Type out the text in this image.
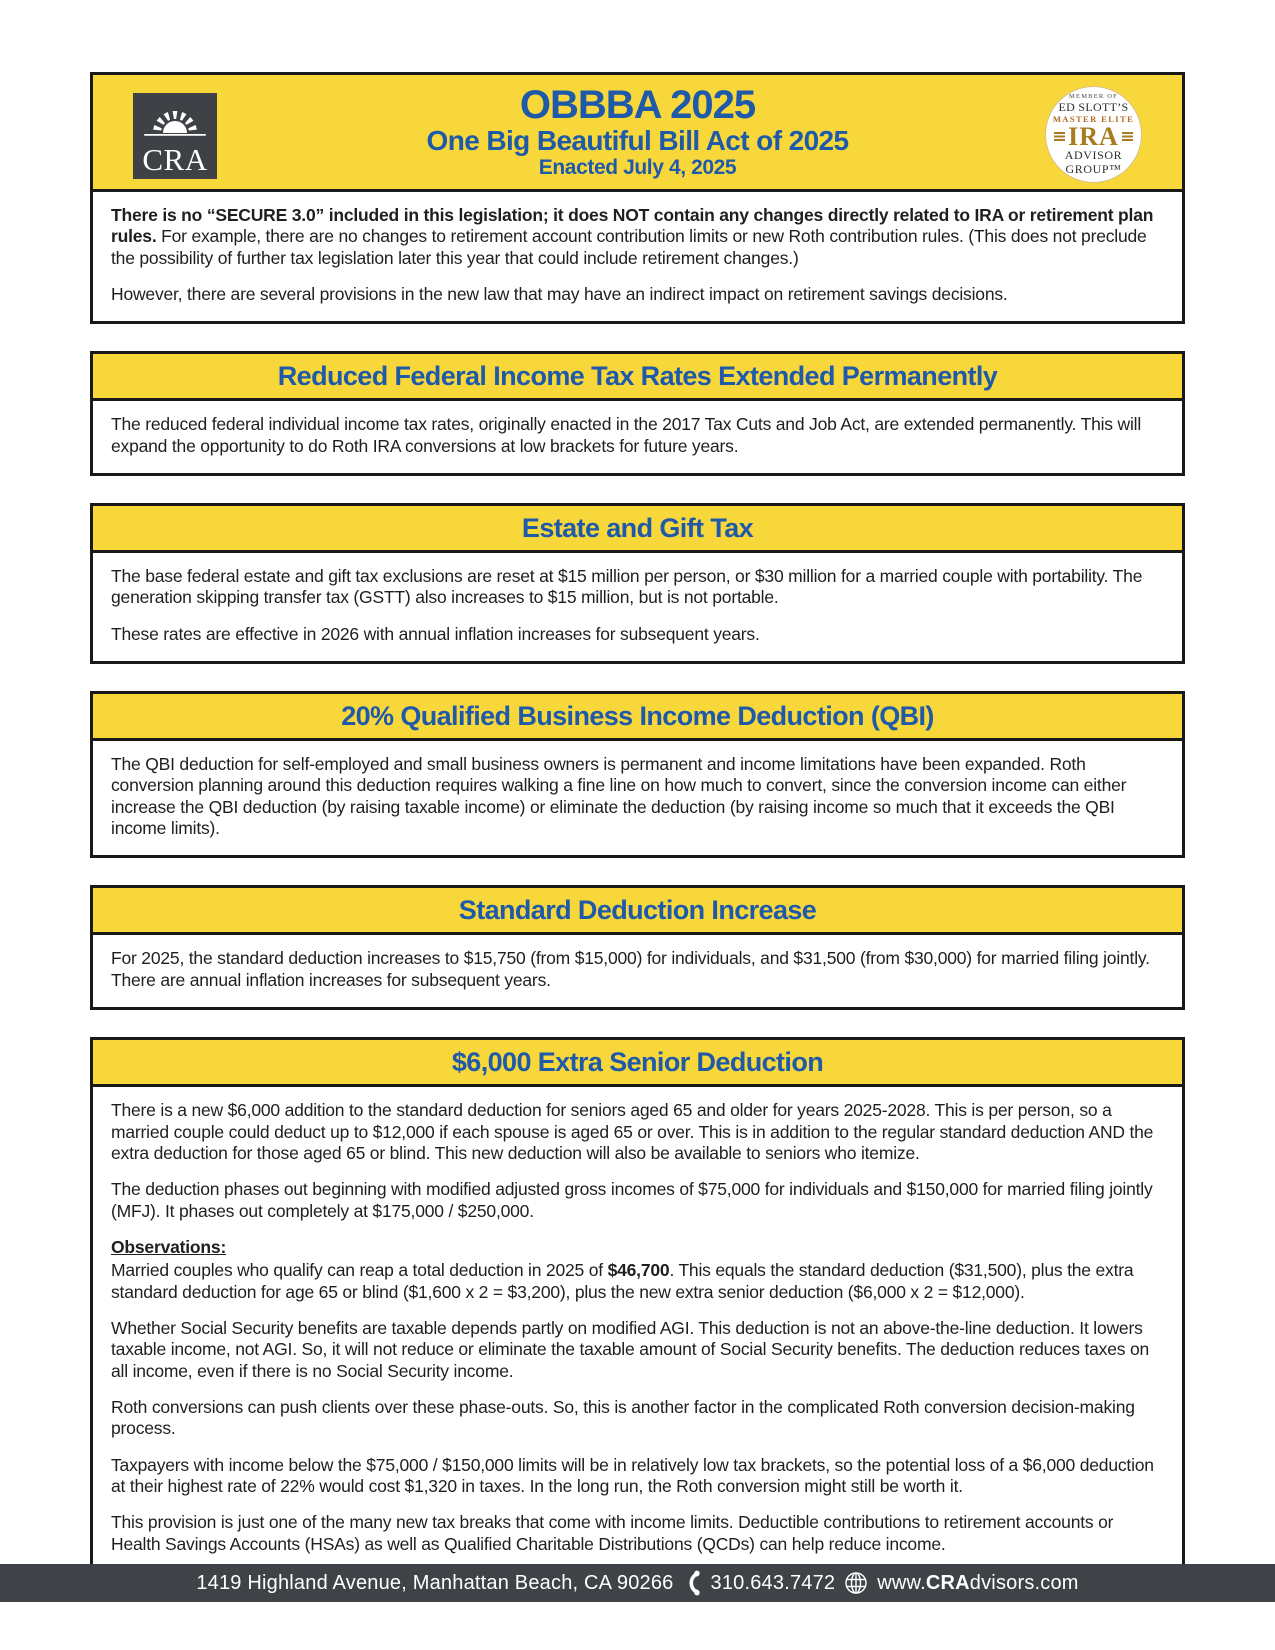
CRA
OBBBA 2025
One Big Beautiful Bill Act of 2025
Enacted July 4, 2025
MEMBER OF
ED SLOTT’S
MASTER ELITE
IRA
ADVISOR
GROUP™

There is no “SECURE 3.0” included in this legislation; it does NOT contain any changes directly related to IRA or retirement plan rules. For example, there are no changes to retirement account contribution limits or new Roth contribution rules. (This does not preclude the possibility of further tax legislation later this year that could include retirement changes.)

However, there are several provisions in the new law that may have an indirect impact on retirement savings decisions.

Reduced Federal Income Tax Rates Extended Permanently

The reduced federal individual income tax rates, originally enacted in the 2017 Tax Cuts and Job Act, are extended permanently. This will expand the opportunity to do Roth IRA conversions at low brackets for future years.

Estate and Gift Tax

The base federal estate and gift tax exclusions are reset at $15 million per person, or $30 million for a married couple with portability. The generation skipping transfer tax (GSTT) also increases to $15 million, but is not portable.

These rates are effective in 2026 with annual inflation increases for subsequent years.

20% Qualified Business Income Deduction (QBI)

The QBI deduction for self-employed and small business owners is permanent and income limitations have been expanded. Roth conversion planning around this deduction requires walking a fine line on how much to convert, since the conversion income can either increase the QBI deduction (by raising taxable income) or eliminate the deduction (by raising income so much that it exceeds the QBI income limits).

Standard Deduction Increase

For 2025, the standard deduction increases to $15,750 (from $15,000) for individuals, and $31,500 (from $30,000) for married filing jointly. There are annual inflation increases for subsequent years.

$6,000 Extra Senior Deduction

There is a new $6,000 addition to the standard deduction for seniors aged 65 and older for years 2025-2028. This is per person, so a married couple could deduct up to $12,000 if each spouse is aged 65 or over. This is in addition to the regular standard deduction AND the extra deduction for those aged 65 or blind. This new deduction will also be available to seniors who itemize.

The deduction phases out beginning with modified adjusted gross incomes of $75,000 for individuals and $150,000 for married filing jointly (MFJ). It phases out completely at $175,000 / $250,000.

Observations:

Married couples who qualify can reap a total deduction in 2025 of $46,700. This equals the standard deduction ($31,500), plus the extra standard deduction for age 65 or blind ($1,600 x 2 = $3,200), plus the new extra senior deduction ($6,000 x 2 = $12,000).

Whether Social Security benefits are taxable depends partly on modified AGI. This deduction is not an above-the-line deduction. It lowers taxable income, not AGI. So, it will not reduce or eliminate the taxable amount of Social Security benefits. The deduction reduces taxes on all income, even if there is no Social Security income.

Roth conversions can push clients over these phase-outs. So, this is another factor in the complicated Roth conversion decision-making process.

Taxpayers with income below the $75,000 / $150,000 limits will be in relatively low tax brackets, so the potential loss of a $6,000 deduction at their highest rate of 22% would cost $1,320 in taxes. In the long run, the Roth conversion might still be worth it.

This provision is just one of the many new tax breaks that come with income limits. Deductible contributions to retirement accounts or Health Savings Accounts (HSAs) as well as Qualified Charitable Distributions (QCDs) can help reduce income.

1419 Highland Avenue, Manhattan Beach, CA 90266 310.643.7472 www.CRAdvisors.com
